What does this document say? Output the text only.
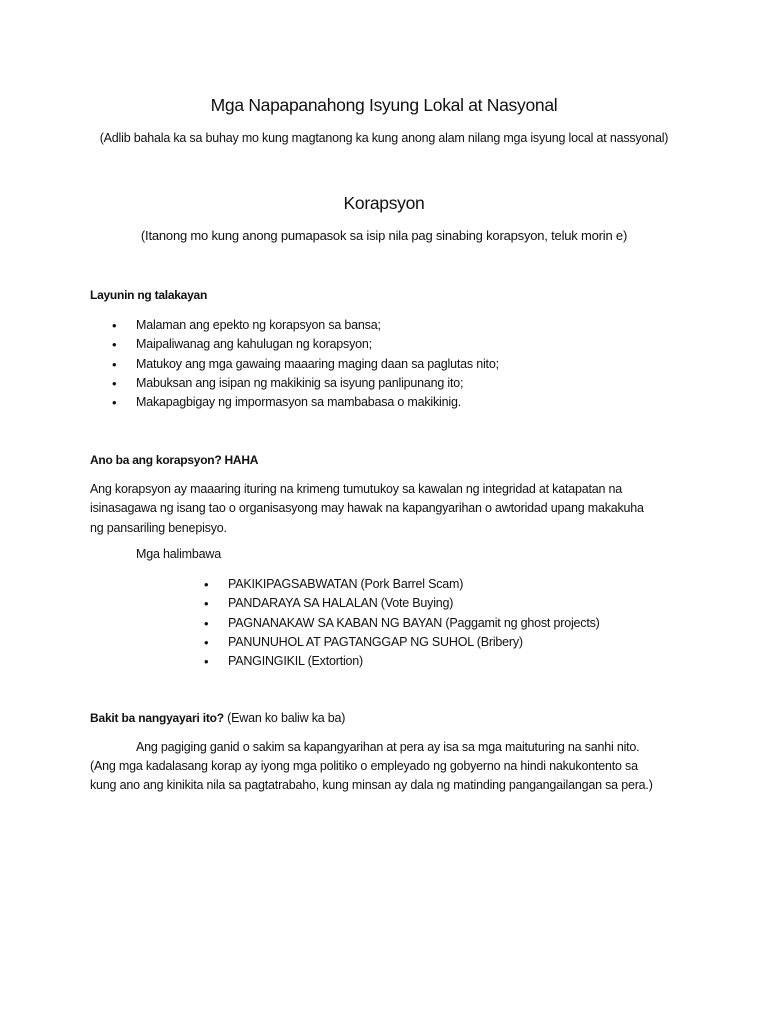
Mga Napapanahong Isyung Lokal at Nasyonal
(Adlib bahala ka sa buhay mo kung magtanong ka kung anong alam nilang mga isyung local at nassyonal)
Korapsyon
(Itanong mo kung anong pumapasok sa isip nila pag sinabing korapsyon, teluk morin e)
Layunin ng talakayan
• Malaman ang epekto ng korapsyon sa bansa;
• Maipaliwanag ang kahulugan ng korapsyon;
• Matukoy ang mga gawaing maaaring maging daan sa paglutas nito;
• Mabuksan ang isipan ng makikinig sa isyung panlipunang ito;
• Makapagbigay ng impormasyon sa mambabasa o makikinig.
Ano ba ang korapsyon? HAHA
Ang korapsyon ay maaaring ituring na krimeng tumutukoy sa kawalan ng integridad at katapatan na
isinasagawa ng isang tao o organisasyong may hawak na kapangyarihan o awtoridad upang makakuha
ng pansariling benepisyo.
Mga halimbawa
• PAKIKIPAGSABWATAN (Pork Barrel Scam)
• PANDARAYA SA HALALAN (Vote Buying)
• PAGNANAKAW SA KABAN NG BAYAN (Paggamit ng ghost projects)
• PANUNUHOL AT PAGTANGGAP NG SUHOL (Bribery)
• PANGINGIKIL (Extortion)
Bakit ba nangyayari ito? (Ewan ko baliw ka ba)
Ang pagiging ganid o sakim sa kapangyarihan at pera ay isa sa mga maituturing na sanhi nito.
(Ang mga kadalasang korap ay iyong mga politiko o empleyado ng gobyerno na hindi nakukontento sa
kung ano ang kinikita nila sa pagtatrabaho, kung minsan ay dala ng matinding pangangailangan sa pera.)
